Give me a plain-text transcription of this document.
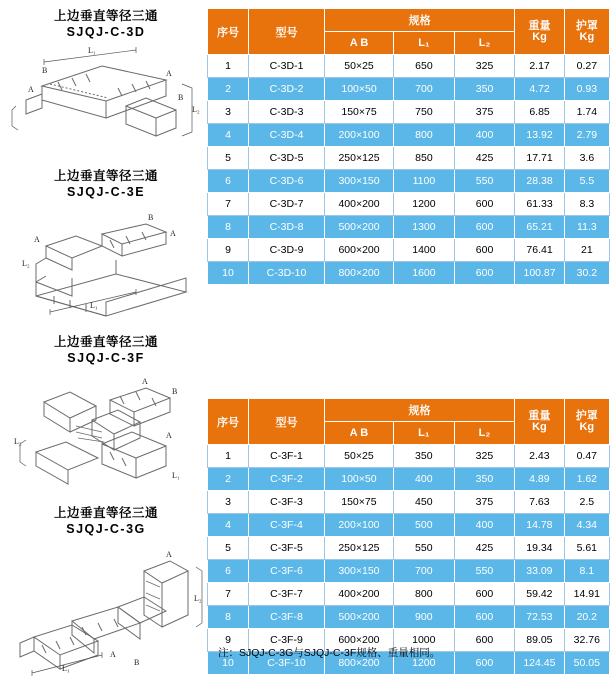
上边垂直等径三通
SJQJ-C-3D
L₁
L₂
B
A
A
B
上边垂直等径三通
SJQJ-C-3E
L₁
L₂
B
A
A
上边垂直等径三通
SJQJ-C-3F
A
B
A
L₂
L₁
上边垂直等径三通
SJQJ-C-3G
L₁
L₂
A
B
A
序号	型号	规格	重量
Kg

护罩
Kg

		A B	L₁	L₂		
1	C-3D-1	50×25	650	325	2.17	0.27
2	C-3D-2	100×50	700	350	4.72	0.93
3	C-3D-3	150×75	750	375	6.85	1.74
4	C-3D-4	200×100	800	400	13.92	2.79
5	C-3D-5	250×125	850	425	17.71	3.6
6	C-3D-6	300×150	1100	550	28.38	5.5
7	C-3D-7	400×200	1200	600	61.33	8.3
8	C-3D-8	500×200	1300	600	65.21	11.3
9	C-3D-9	600×200	1400	600	76.41	21
10	C-3D-10	800×200	1600	600	100.87	30.2
序号	型号	规格	重量
Kg

护罩
Kg

		A B	L₁	L₂		
1	C-3F-1	50×25	350	325	2.43	0.47
2	C-3F-2	100×50	400	350	4.89	1.62
3	C-3F-3	150×75	450	375	7.63	2.5
4	C-3F-4	200×100	500	400	14.78	4.34
5	C-3F-5	250×125	550	425	19.34	5.61
6	C-3F-6	300×150	700	550	33.09	8.1
7	C-3F-7	400×200	800	600	59.42	14.91
8	C-3F-8	500×200	900	600	72.53	20.2
9	C-3F-9	600×200	1000	600	89.05	32.76
10	C-3F-10	800×200	1200	600	124.45	50.05
注：SJQJ-C-3G与SJQJ-C-3F规格、重量相同。
